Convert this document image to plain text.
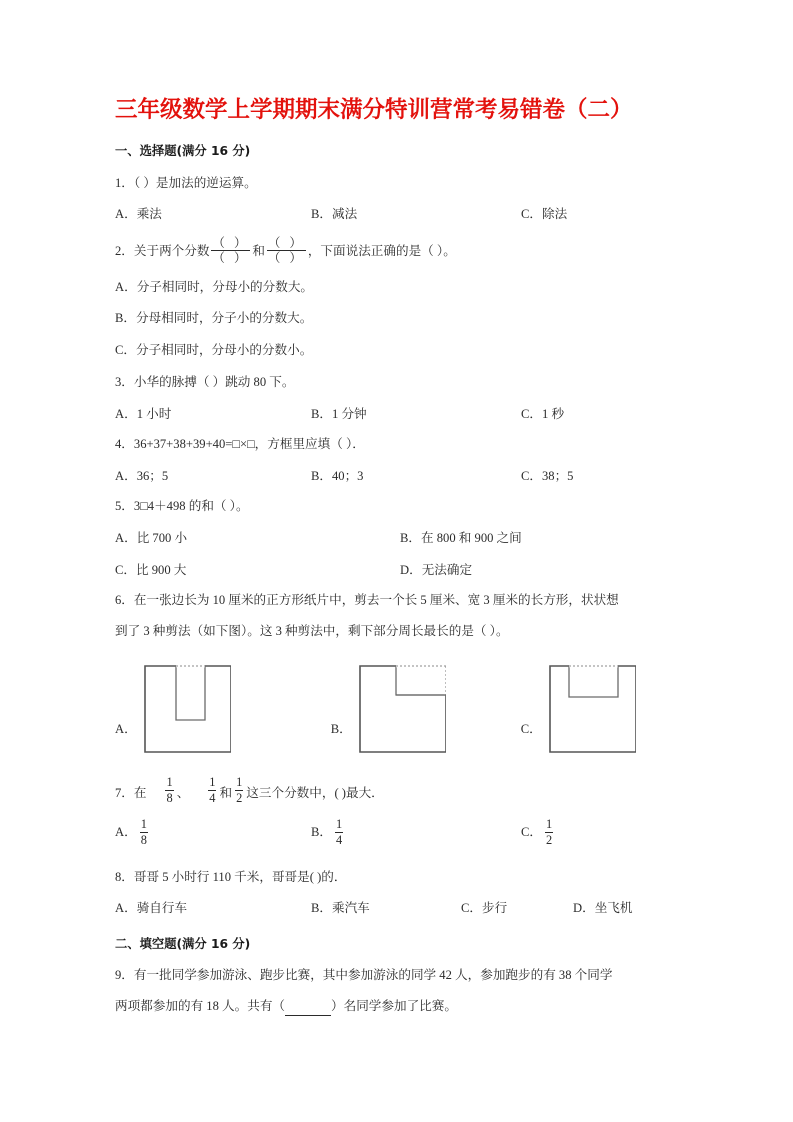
三年级数学上学期期末满分特训营常考易错卷（二）
一、选择题(满分 16 分)
1．（ ）是加法的逆运算。
A．乘法	B．减法	C．除法
2．关于两个分数 $\frac{( )}{( )}$ 和 $\frac{( )}{( )}$ ，下面说法正确的是（ ）。
A．分子相同时，分母小的分数大。
B．分母相同时，分子小的分数大。
C．分子相同时，分母小的分数小。
3．小华的脉搏（ ）跳动 80 下。
A．1 小时	B．1 分钟	C．1 秒
4．36+37+38+39+40=□×□，方框里应填（ ）．
A．36；5	B．40；3	C．38；5
5．3□4＋498 的和（ ）。
A．比 700 小	B．在 800 和 900 之间
C．比 900 大	D．无法确定
6．在一张边长为 10 厘米的正方形纸片中，剪去一个长 5 厘米、宽 3 厘米的长方形，状状想
到了 3 种剪法（如下图）。这 3 种剪法中，剩下部分周长最长的是（ ）。
A．	B．	C．
7．在 $\frac{1}{8}$ 、 $\frac{1}{4}$ 和 $\frac{1}{2}$ 这三个分数中，( )最大．
A． $\frac{1}{8}$	B． $\frac{1}{4}$	C． $\frac{1}{2}$
8．哥哥 5 小时行 110 千米，哥哥是( )的．
A．骑自行车	B．乘汽车	C．步行	D．坐飞机
二、填空题(满分 16 分)
9．有一批同学参加游泳、跑步比赛，其中参加游泳的同学 42 人，参加跑步的有 38 个同学
两项都参加的有 18 人。共有（	）名同学参加了比赛。
